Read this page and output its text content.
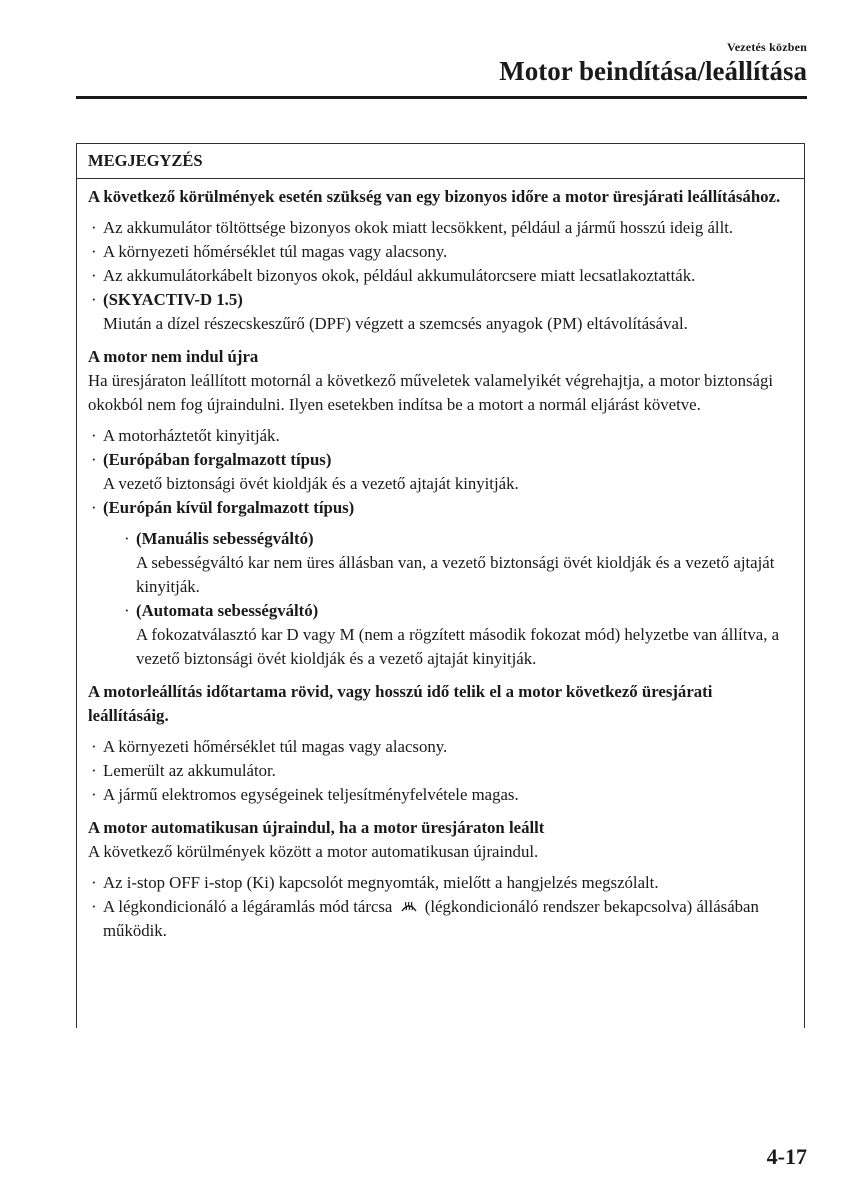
Vezetés közben
Motor beindítása/leállítása
MEGJEGYZÉS

A következő körülmények esetén szükség van egy bizonyos időre a motor üresjárati leállításához.

· Az akkumulátor töltöttsége bizonyos okok miatt lecsökkent, például a jármű hosszú ideig állt.
· A környezeti hőmérséklet túl magas vagy alacsony.
· Az akkumulátorkábelt bizonyos okok, például akkumulátorcsere miatt lecsatlakoztatták.
· (SKYACTIV-D 1.5)
Miután a dízel részecskeszűrő (DPF) végzett a szemcsés anyagok (PM) eltávolításával.

A motor nem indul újra

Ha üresjáraton leállított motornál a következő műveletek valamelyikét végrehajtja, a motor biztonsági okokból nem fog újraindulni. Ilyen esetekben indítsa be a motort a normál eljárást követve.

· A motorháztetőt kinyitják.
· (Európában forgalmazott típus)
A vezető biztonsági övét kioldják és a vezető ajtaját kinyitják.
· (Európán kívül forgalmazott típus)
· (Manuális sebességváltó)
A sebességváltó kar nem üres állásban van, a vezető biztonsági övét kioldják és a vezető ajtaját kinyitják.
· (Automata sebességváltó)
A fokozatválasztó kar D vagy M (nem a rögzített második fokozat mód) helyzetbe van állítva, a vezető biztonsági övét kioldják és a vezető ajtaját kinyitják.

A motorleállítás időtartama rövid, vagy hosszú idő telik el a motor következő üresjárati leállításáig.

· A környezeti hőmérséklet túl magas vagy alacsony.
· Lemerült az akkumulátor.
· A jármű elektromos egységeinek teljesítményfelvétele magas.

A motor automatikusan újraindul, ha a motor üresjáraton leállt

A következő körülmények között a motor automatikusan újraindul.

· Az i-stop OFF i-stop (Ki) kapcsolót megnyomták, mielőtt a hangjelzés megszólalt.
· A légkondicionáló a légáramlás mód tárcsa (légkondicionáló rendszer bekapcsolva) állásában működik.
4-17
